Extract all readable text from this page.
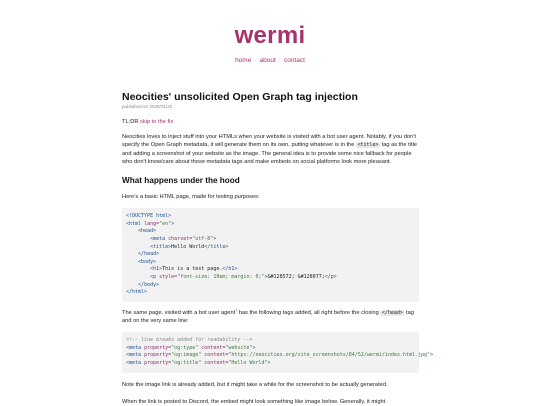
wermi
home · about · contact
Neocities' unsolicited Open Graph tag injection
published on 2025/01/22

TL;DR skip to the fix

Neocities loves to inject stuff into your HTMLs when your website is visited with a bot user agent. Notably, if you don't specify the Open Graph metadata, it will generate them on its own, putting whatever is in the <title> tag as the title and adding a screenshot of your website as the image. The general idea is to provide some nice fallback for people who don't know/care about those metadata tags and make embeds on social platforms look more pleasant.

What happens under the hood

Here's a basic HTML page, made for testing purposes:

<!DOCTYPE html>
<html lang="en">
<head>
<meta charset="utf-8">
<title>Hello World</title>
</head>
<body>
<h1>This is a test page.</h1>
<p style="font-size: 10em; margin: 0;">&#128572; &#128077;</p>
</body>
</html>

The same page, visited with a bot user agent$^1$ has the following tags added, all right before the closing </head> tag and on the very same line:

<!-- line breaks added for readability -->
<meta property="og:type" content="website">
<meta property="og:image" content="https://neocities.org/site_screenshots/84/52/wermi/index.html.jpg">
<meta property="og:title" content="Hello World">

Note the image link is already added, but it might take a while for the screenshot to be actually generated.

When the link is posted to Discord, the embed might look something like image below. Generally, it might
